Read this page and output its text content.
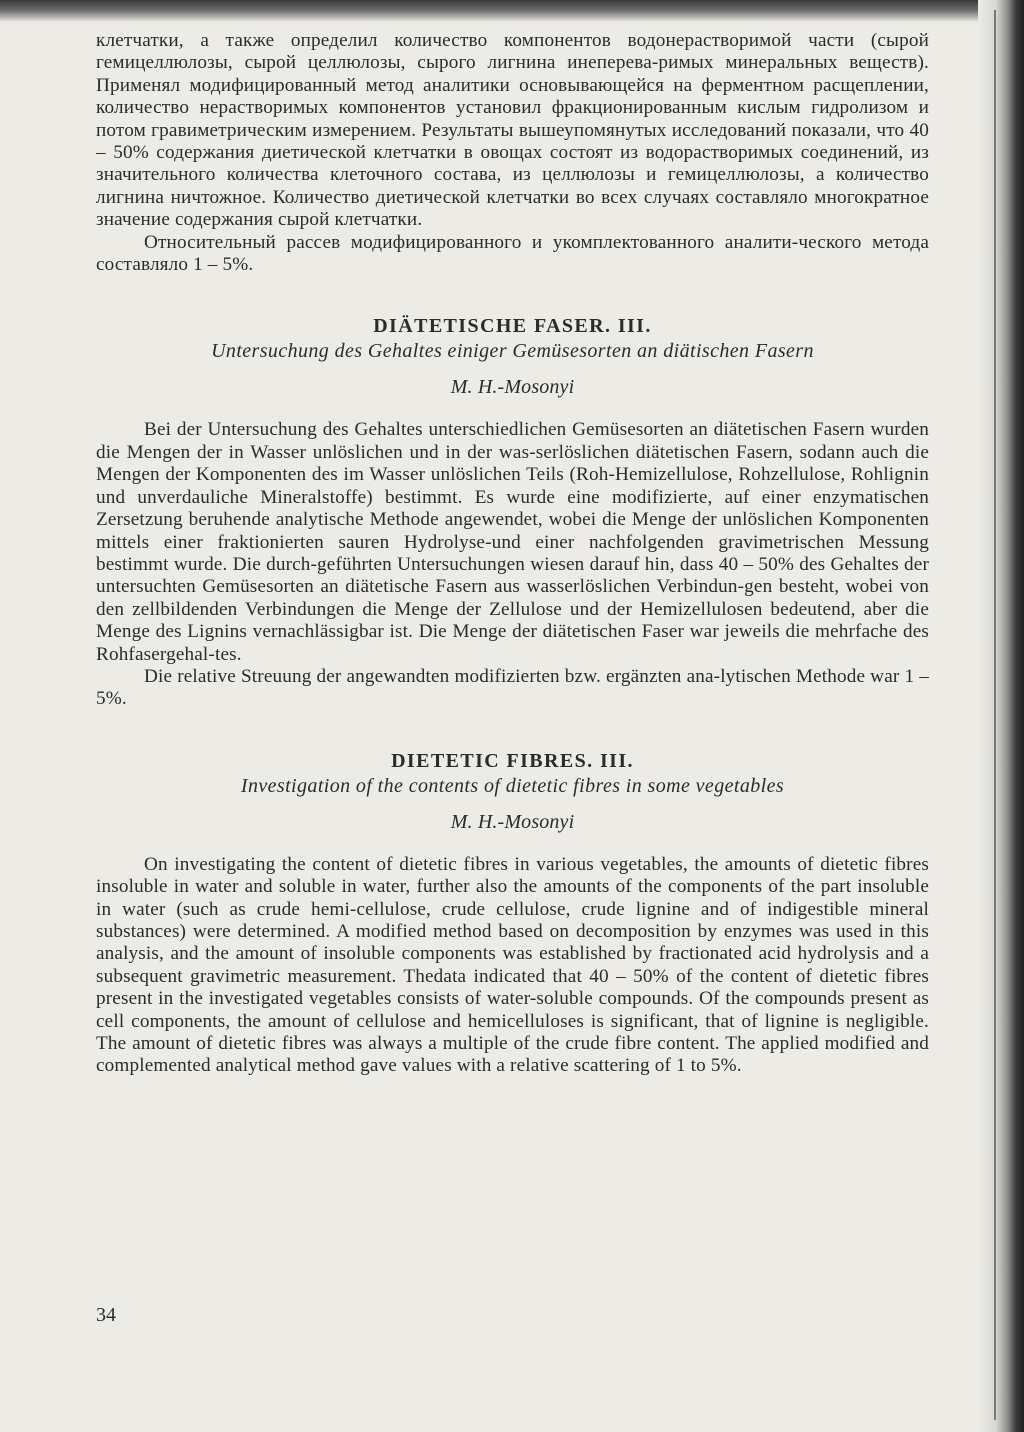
клетчатки, а также определил количество компонентов водонерастворимой части (сырой гемицеллюлозы, сырой целлюлозы, сырого лигнина инеперева-римых минеральных веществ). Применял модифицированный метод аналитики основывающейся на ферментном расщеплении, количество нерастворимых компонентов установил фракционированным кислым гидролизом и потом гравиметрическим измерением. Результаты вышеупомянутых исследований показали, что 40 – 50% содержания диетической клетчатки в овощах состоят из водорастворимых соединений, из значительного количества клеточного состава, из целлюлозы и гемицеллюлозы, а количество лигнина ничтожное. Количество диетической клетчатки во всех случаях составляло многократное значение содержания сырой клетчатки.

Относительный рассев модифицированного и укомплектованного аналити-ческого метода составляло 1 – 5%.

DIÄTETISCHE FASER. III.
Untersuchung des Gehaltes einiger Gemüsesorten an diätischen Fasern
M. H.-Mosonyi

Bei der Untersuchung des Gehaltes unterschiedlichen Gemüsesorten an diätetischen Fasern wurden die Mengen der in Wasser unlöslichen und in der was-serlöslichen diätetischen Fasern, sodann auch die Mengen der Komponenten des im Wasser unlöslichen Teils (Roh-Hemizellulose, Rohzellulose, Rohlignin und unverdauliche Mineralstoffe) bestimmt. Es wurde eine modifizierte, auf einer enzymatischen Zersetzung beruhende analytische Methode angewendet, wobei die Menge der unlöslichen Komponenten mittels einer fraktionierten sauren Hydrolyse-und einer nachfolgenden gravimetrischen Messung bestimmt wurde. Die durch-geführten Untersuchungen wiesen darauf hin, dass 40 – 50% des Gehaltes der untersuchten Gemüsesorten an diätetische Fasern aus wasserlöslichen Verbindun-gen besteht, wobei von den zellbildenden Verbindungen die Menge der Zellulose und der Hemizellulosen bedeutend, aber die Menge des Lignins vernachlässigbar ist. Die Menge der diätetischen Faser war jeweils die mehrfache des Rohfasergehal-tes.

Die relative Streuung der angewandten modifizierten bzw. ergänzten ana-lytischen Methode war 1 – 5%.

DIETETIC FIBRES. III.
Investigation of the contents of dietetic fibres in some vegetables
M. H.-Mosonyi

On investigating the content of dietetic fibres in various vegetables, the amounts of dietetic fibres insoluble in water and soluble in water, further also the amounts of the components of the part insoluble in water (such as crude hemi-cellulose, crude cellulose, crude lignine and of indigestible mineral substances) were determined. A modified method based on decomposition by enzymes was used in this analysis, and the amount of insoluble components was established by fractionated acid hydrolysis and a subsequent gravimetric measurement. Thedata indicated that 40 – 50% of the content of dietetic fibres present in the investigated vegetables consists of water-soluble compounds. Of the compounds present as cell components, the amount of cellulose and hemicelluloses is significant, that of lignine is negligible. The amount of dietetic fibres was always a multiple of the crude fibre content. The applied modified and complemented analytical method gave values with a relative scattering of 1 to 5%.

34
